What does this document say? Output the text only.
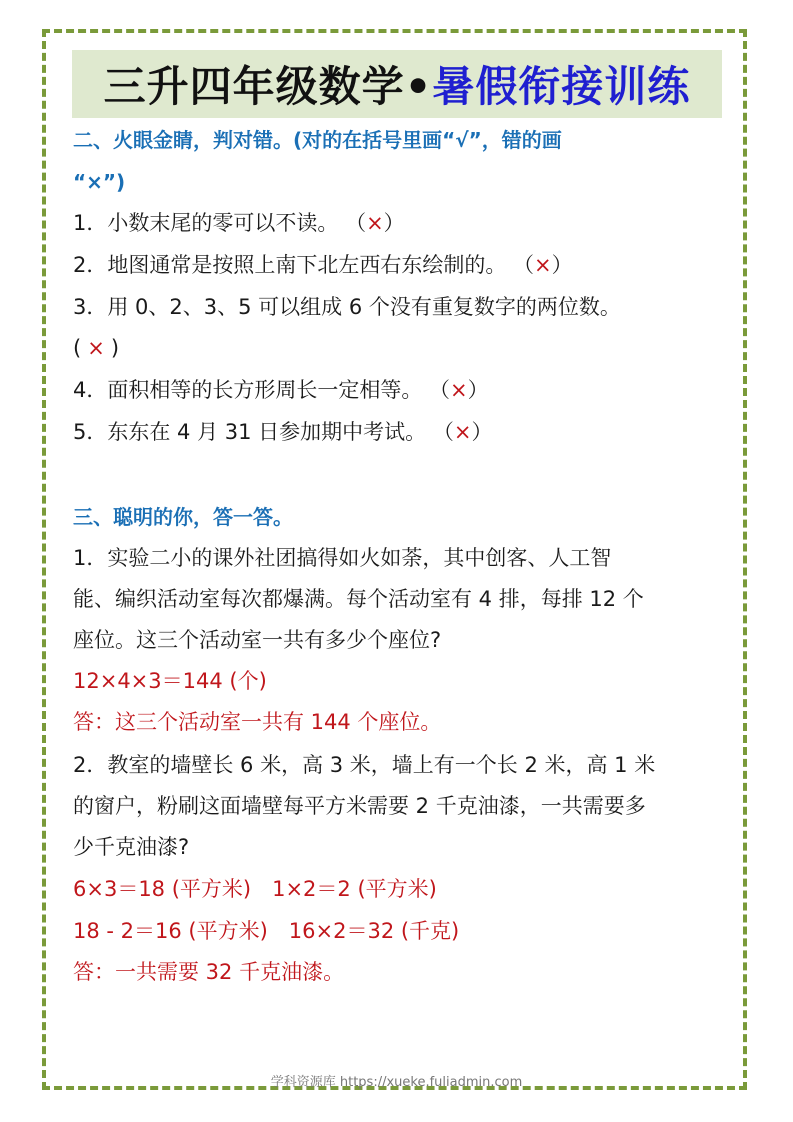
三升四年级数学• 暑假衔接训练
二、火眼金睛，判对错。(对的在括号里画“√”，错的画
“×”)
1．小数末尾的零可以不读。 （×）
2．地图通常是按照上南下北左西右东绘制的。 （×）
3．用 0、2、3、5 可以组成 6 个没有重复数字的两位数。
( × )
4．面积相等的长方形周长一定相等。 （×）
5．东东在 4 月 31 日参加期中考试。 （×）
三、聪明的你，答一答。
1．实验二小的课外社团搞得如火如荼，其中创客、人工智
能、编织活动室每次都爆满。每个活动室有 4 排，每排 12 个
座位。这三个活动室一共有多少个座位?
12×4×3＝144 (个)
答：这三个活动室一共有 144 个座位。
2．教室的墙壁长 6 米，高 3 米，墙上有一个长 2 米，高 1 米
的窗户，粉刷这面墙壁每平方米需要 2 千克油漆，一共需要多
少千克油漆?
6×3＝18 (平方米)　1×2＝2 (平方米)
18 - 2＝16 (平方米)　16×2＝32 (千克)
答：一共需要 32 千克油漆。
学科资源库 https://xueke.fuliadmin.com
